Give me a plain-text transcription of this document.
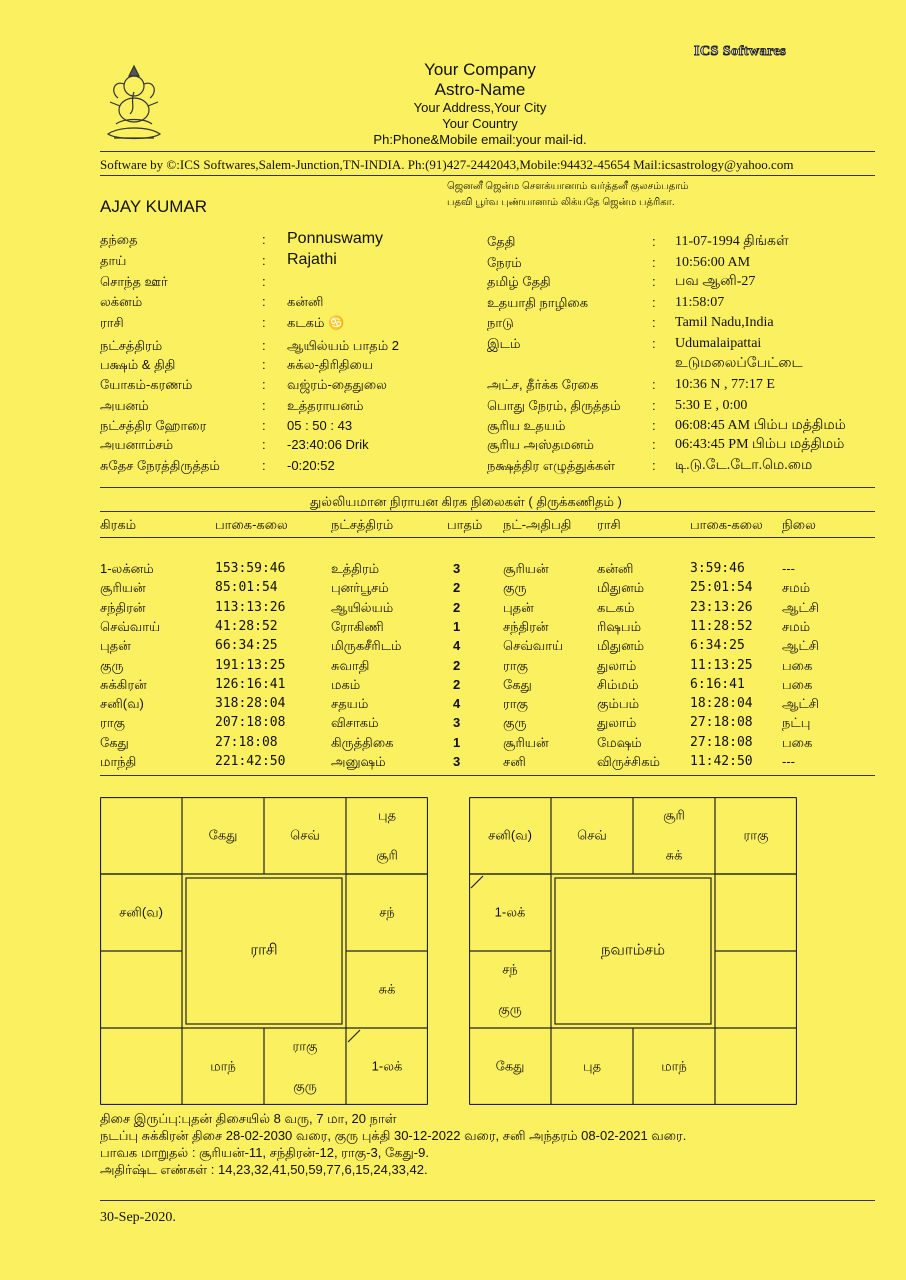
ICS Softwares
Your Company
Astro-Name
Your Address,Your City
Your Country
Ph:Phone&Mobile email:your mail-id.
Software by ©:ICS Softwares,Salem-Junction,TN-INDIA. Ph:(91)427-2442043,Mobile:94432-45654 Mail:icsastrology@yahoo.com
ஜெனனீ ஜென்ம சௌக்யானாம் வர்த்தனீ குலசம்பதாம்
பதவி பூர்வ புண்யானாம் லிக்யதே ஜென்ம பத்ரிகா.
AJAY KUMAR
தந்தை	: Ponnuswamy
தாய்	: Rajathi
சொந்த ஊர்	:
லக்னம்	: கன்னி
ராசி	: கடகம் ♋
நட்சத்திரம்	: ஆயில்யம் பாதம் 2
பக்ஷம் & திதி	: சுக்ல-திரிதியை
யோகம்-கரணம்	: வஜ்ரம்-தைதுலை
அயனம்	: உத்தராயனம்
நட்சத்திர ஹோரை	: 05 : 50 : 43
அயனாம்சம்	: -23:40:06 Drik
சுதேச நேரத்திருத்தம்	: -0:20:52
தேதி	: 11-07-1994 திங்கள்
நேரம்	: 10:56:00 AM
தமிழ் தேதி	: பவ ஆனி-27
உதயாதி நாழிகை	: 11:58:07
நாடு	: Tamil Nadu,India
இடம்	: Udumalaipattai
உடுமலைப்பேட்டை
அட்ச, தீர்க்க ரேகை	: 10:36 N , 77:17 E
பொது நேரம், திருத்தம் : 5:30 E , 0:00
சூரிய உதயம்	: 06:08:45 AM பிம்ப மத்திமம்
சூரிய அஸ்தமனம்	: 06:43:45 PM பிம்ப மத்திமம்
நக்ஷத்திர எழுத்துக்கள்	: டி.டு.டே.டோ.மெ.மை
துல்லியமான நிராயன கிரக நிலைகள் ( திருக்கணிதம் )
கிரகம்	பாகை-கலை	நட்சத்திரம்	பாதம் நட்-அதிபதி ராசி	பாகை-கலை நிலை
1-லக்னம்	153:59:46	உத்திரம்	3	சூரியன்	கன்னி	3:59:46	---
சூரியன்	85:01:54	புனர்பூசம்	2	குரு	மிதுனம்	25:01:54 சமம்
சந்திரன்	113:13:26	ஆயில்யம்	2	புதன்	கடகம்	23:13:26 ஆட்சி
செவ்வாய்	41:28:52	ரோகிணி	1	சந்திரன்	ரிஷபம்	11:28:52 சமம்
புதன்	66:34:25	மிருகசீரிடம்	4	செவ்வாய்	மிதுனம்	6:34:25	ஆட்சி
குரு	191:13:25	சுவாதி	2	ராகு	துலாம்	11:13:25 பகை
சுக்கிரன்	126:16:41	மகம்	2	கேது	சிம்மம்	6:16:41	பகை
சனி(வ)	318:28:04	சதயம்	4	ராகு	கும்பம்	18:28:04 ஆட்சி
ராகு	207:18:08	விசாகம்	3	குரு	துலாம்	27:18:08 நட்பு
கேது	27:18:08	கிருத்திகை	1	சூரியன்	மேஷம்	27:18:08 பகை
மாந்தி	221:42:50	அனுஷம்	3	சனி	விருச்சிகம் 11:42:50 ---
கேது	செவ்
புத
சூரி
சனி(வ)	சந்
சுக்
மாந்
ராகு
குரு
1-லக்
ராசி
சனி(வ)	செவ்
சூரி
சுக்
ராகு
1-லக்
சந்
குரு
கேது	புத	மாந்
நவாம்சம்
திசை இருப்பு:புதன் திசையில் 8 வரு, 7 மா, 20 நாள்
நடப்பு சுக்கிரன் திசை 28-02-2030 வரை, குரு புக்தி 30-12-2022 வரை, சனி அந்தரம் 08-02-2021 வரை.
பாவக மாறுதல் : சூரியன்-11, சந்திரன்-12, ராகு-3, கேது-9.
அதிர்ஷ்ட எண்கள் : 14,23,32,41,50,59,77,6,15,24,33,42.
30-Sep-2020.
